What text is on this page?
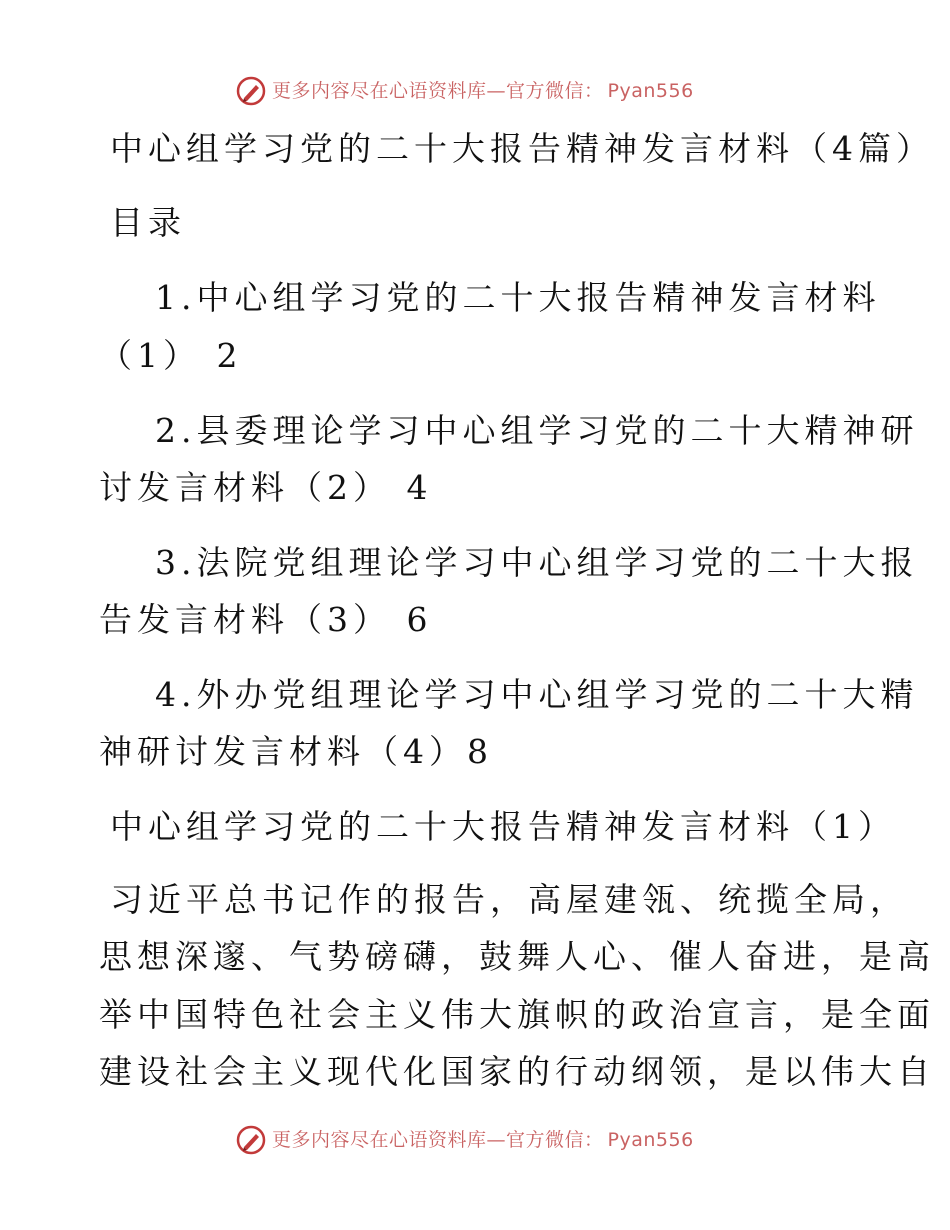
更多内容尽在心语资料库—官方微信： Pyan556
中心组学习党的二十大报告精神发言材料（4篇）
目录
1.中心组学习党的二十大报告精神发言材料
（1） 2
2.县委理论学习中心组学习党的二十大精神研
讨发言材料（2） 4
3.法院党组理论学习中心组学习党的二十大报
告发言材料（3） 6
4.外办党组理论学习中心组学习党的二十大精
神研讨发言材料（4）8
中心组学习党的二十大报告精神发言材料（1）
习近平总书记作的报告，高屋建瓴、统揽全局，
思想深邃、气势磅礴，鼓舞人心、催人奋进，是高
举中国特色社会主义伟大旗帜的政治宣言，是全面
建设社会主义现代化国家的行动纲领，是以伟大自
更多内容尽在心语资料库—官方微信： Pyan556
